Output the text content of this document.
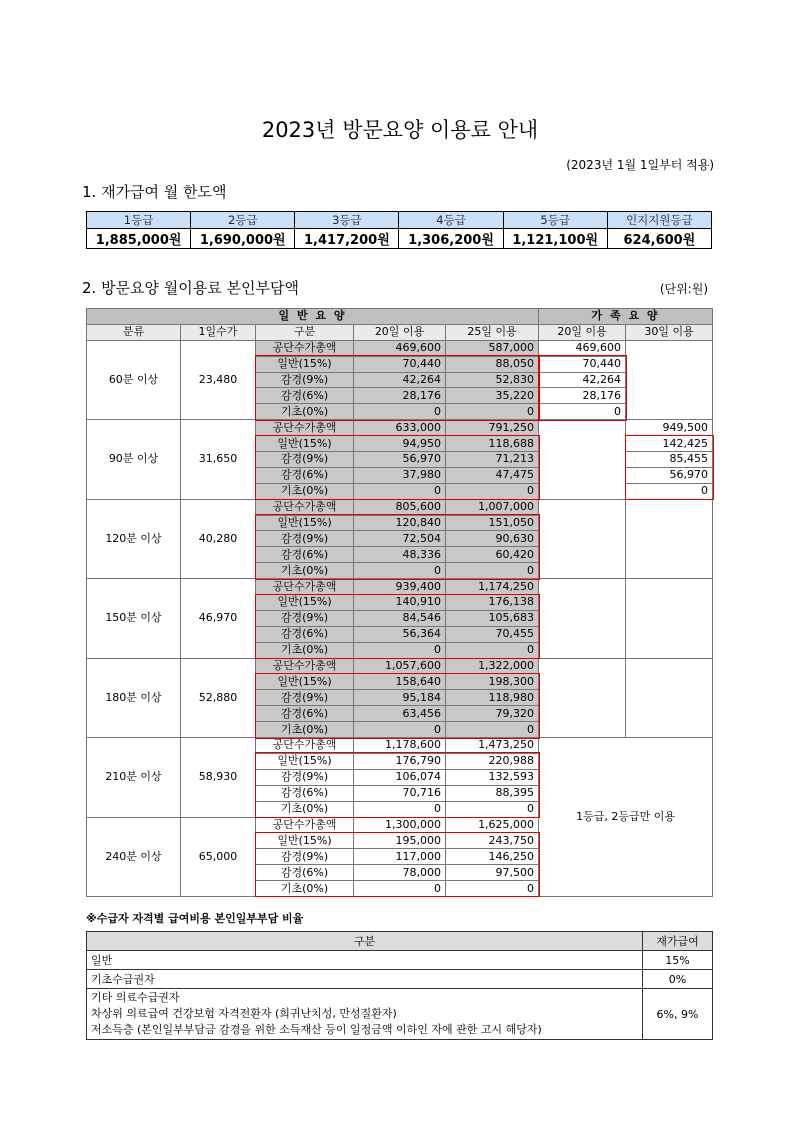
2023년 방문요양 이용료 안내
(2023년 1월 1일부터 적용)
1. 재가급여 월 한도액
1등급	2등급	3등급	4등급	5등급	인지지원등급
1,885,000원	1,690,000원	1,417,200원	1,306,200원	1,121,100원	624,600원
2. 방문요양 월이용료 본인부담액	(단위:원)
일 반 요 양					가 족 요 양	
분류	1일수가	구분	20일 이용	25일 이용	20일 이용	30일 이용
60분 이상	23,480	공단수가총액	469,600	587,000	469,600	
		일반(15%)	70,440	88,050	70,440	
		감경(9%)	42,264	52,830	42,264	
		감경(6%)	28,176	35,220	28,176	
		기초(0%)	0	0	0	
90분 이상	31,650	공단수가총액	633,000	791,250		949,500
		일반(15%)	94,950	118,688		142,425
		감경(9%)	56,970	71,213		85,455
		감경(6%)	37,980	47,475		56,970
		기초(0%)	0	0		0
120분 이상	40,280	공단수가총액	805,600	1,007,000		
		일반(15%)	120,840	151,050		
		감경(9%)	72,504	90,630		
		감경(6%)	48,336	60,420		
		기초(0%)	0	0		
150분 이상	46,970	공단수가총액	939,400	1,174,250		
		일반(15%)	140,910	176,138		
		감경(9%)	84,546	105,683		
		감경(6%)	56,364	70,455		
		기초(0%)	0	0		
180분 이상	52,880	공단수가총액	1,057,600	1,322,000		
		일반(15%)	158,640	198,300		
		감경(9%)	95,184	118,980		
		감경(6%)	63,456	79,320		
		기초(0%)	0	0		
210분 이상	58,930	공단수가총액	1,178,600	1,473,250	1등급, 2등급만 이용	
		일반(15%)	176,790	220,988		
		감경(9%)	106,074	132,593		
		감경(6%)	70,716	88,395		
		기초(0%)	0	0		
240분 이상	65,000	공단수가총액	1,300,000	1,625,000		
		일반(15%)	195,000	243,750		
		감경(9%)	117,000	146,250		
		감경(6%)	78,000	97,500		
		기초(0%)	0	0		
※수급자 자격별 급여비용 본인일부부담 비율
구분	재가급여
일반	15%
기초수급권자	0%

기타 의료수급권자
차상위 의료급여 건강보험 자격전환자 (희귀난치성, 만성질환자)
저소득층 (본인일부부담금 감경을 위한 소득재산 등이 일정금액 이하인 자에 관한 고시 해당자)	6%, 9%
